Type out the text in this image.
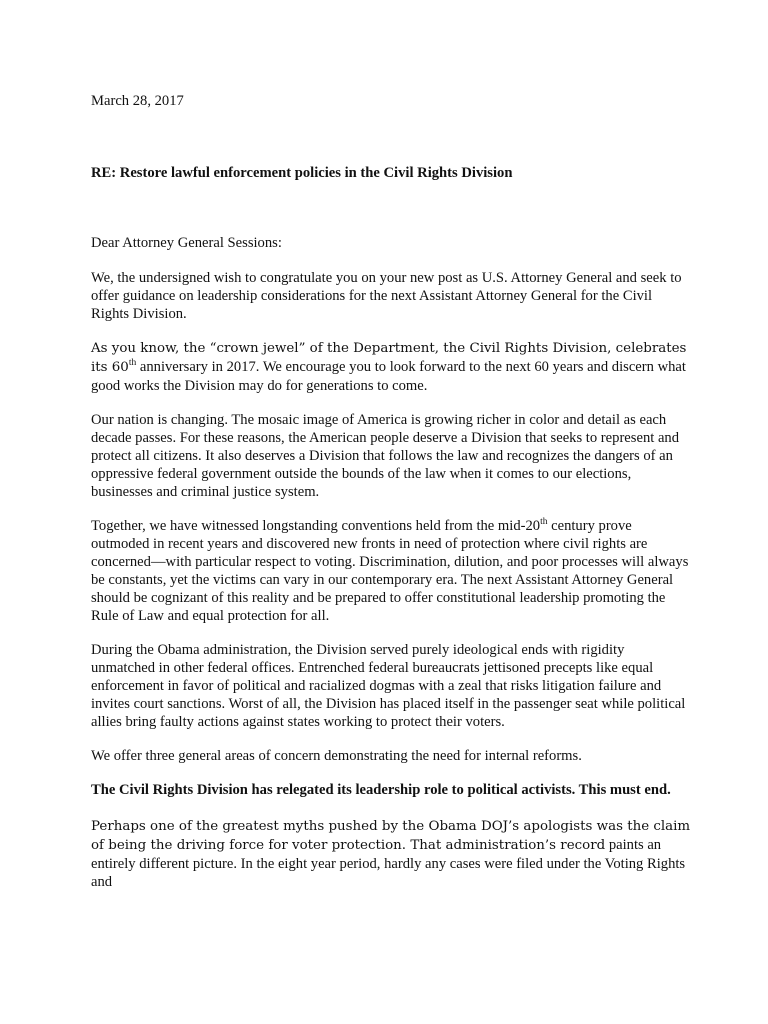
March 28, 2017
RE: Restore lawful enforcement policies in the Civil Rights Division
Dear Attorney General Sessions:

We, the undersigned wish to congratulate you on your new post as U.S. Attorney General and seek to offer guidance on leadership considerations for the next Assistant Attorney General for the Civil Rights Division.

As you know, the “crown jewel” of the Department, the Civil Rights Division, celebrates its 60th anniversary in 2017. We encourage you to look forward to the next 60 years and discern what good works the Division may do for generations to come.

Our nation is changing. The mosaic image of America is growing richer in color and detail as each decade passes. For these reasons, the American people deserve a Division that seeks to represent and protect all citizens. It also deserves a Division that follows the law and recognizes the dangers of an oppressive federal government outside the bounds of the law when it comes to our elections, businesses and criminal justice system.

Together, we have witnessed longstanding conventions held from the mid-20th century prove outmoded in recent years and discovered new fronts in need of protection where civil rights are concerned—with particular respect to voting. Discrimination, dilution, and poor processes will always be constants, yet the victims can vary in our contemporary era. The next Assistant Attorney General should be cognizant of this reality and be prepared to offer constitutional leadership promoting the Rule of Law and equal protection for all.

During the Obama administration, the Division served purely ideological ends with rigidity unmatched in other federal offices. Entrenched federal bureaucrats jettisoned precepts like equal enforcement in favor of political and racialized dogmas with a zeal that risks litigation failure and invites court sanctions. Worst of all, the Division has placed itself in the passenger seat while political allies bring faulty actions against states working to protect their voters.

We offer three general areas of concern demonstrating the need for internal reforms.

The Civil Rights Division has relegated its leadership role to political activists. This must end.

Perhaps one of the greatest myths pushed by the Obama DOJ’s apologists was the claim of being the driving force for voter protection. That administration’s record paints an entirely different picture. In the eight year period, hardly any cases were filed under the Voting Rights and
